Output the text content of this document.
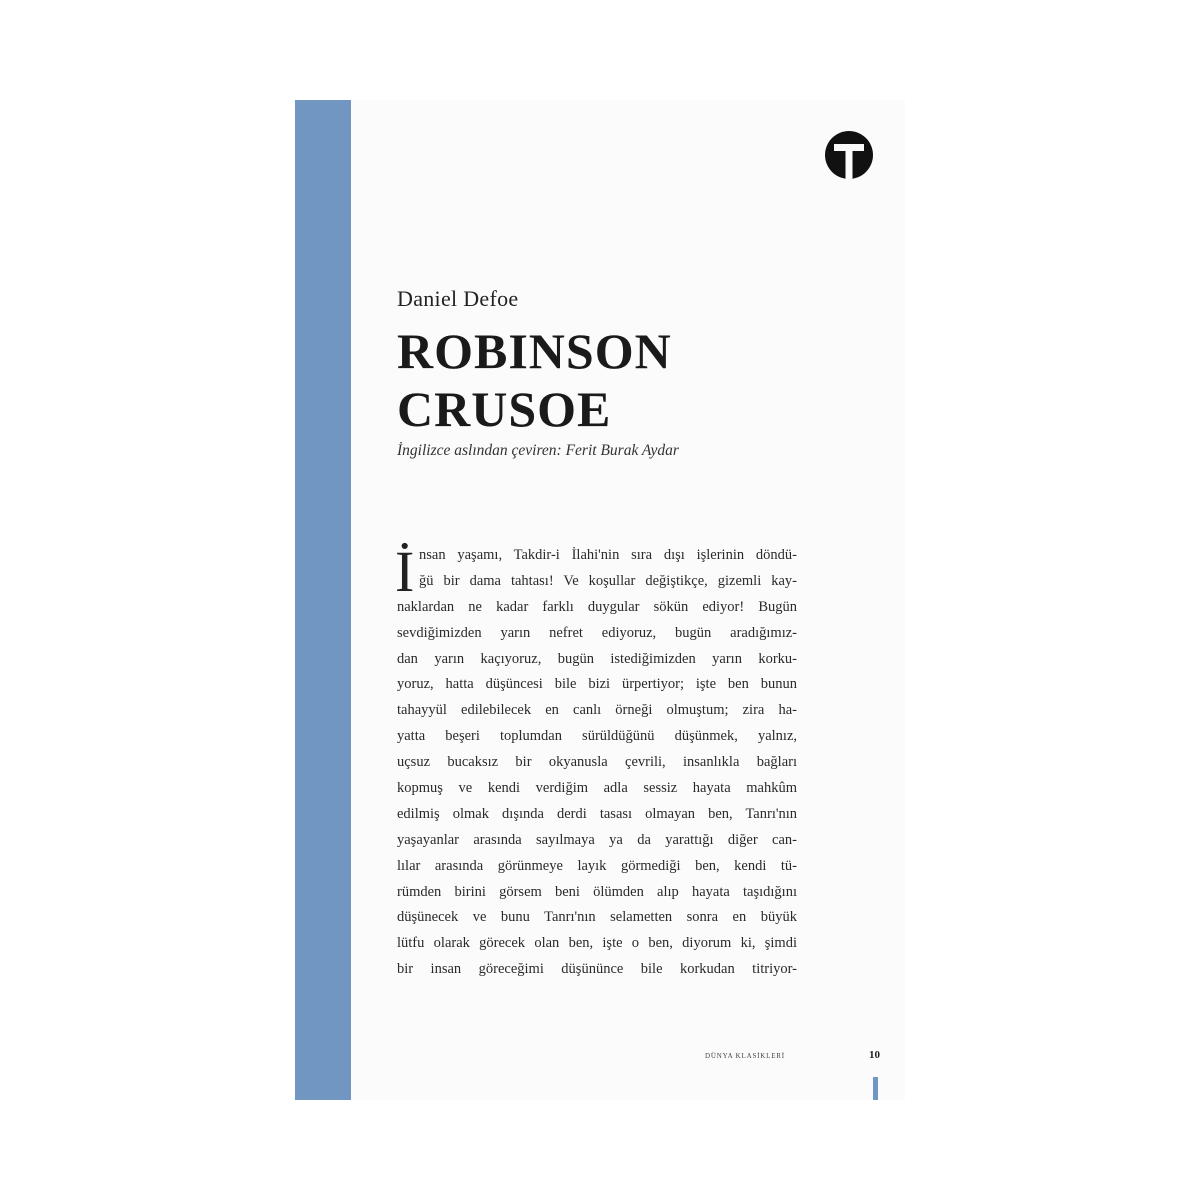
Daniel Defoe
ROBINSON
CRUSOE
İngilizce aslından çeviren: Ferit Burak Aydar
İ nsan yaşamı, Takdir-i İlahi'nin sıra dışı işlerinin döndü-
ğü bir dama tahtası! Ve koşullar değiştikçe, gizemli kay-
naklardan ne kadar farklı duygular sökün ediyor! Bugün
sevdiğimizden yarın nefret ediyoruz, bugün aradığımız-
dan yarın kaçıyoruz, bugün istediğimizden yarın korku-
yoruz, hatta düşüncesi bile bizi ürpertiyor; işte ben bunun
tahayyül edilebilecek en canlı örneği olmuştum; zira ha-
yatta beşeri toplumdan sürüldüğünü düşünmek, yalnız,
uçsuz bucaksız bir okyanusla çevrili, insanlıkla bağları
kopmuş ve kendi verdiğim adla sessiz hayata mahkûm
edilmiş olmak dışında derdi tasası olmayan ben, Tanrı'nın
yaşayanlar arasında sayılmaya ya da yarattığı diğer can-
lılar arasında görünmeye layık görmediği ben, kendi tü-
rümden birini görsem beni ölümden alıp hayata taşıdığını
düşünecek ve bunu Tanrı'nın selametten sonra en büyük
lütfu olarak görecek olan ben, işte o ben, diyorum ki, şimdi
bir insan göreceğimi düşününce bile korkudan titriyor-
DÜNYA KLASİKLERİ	10
